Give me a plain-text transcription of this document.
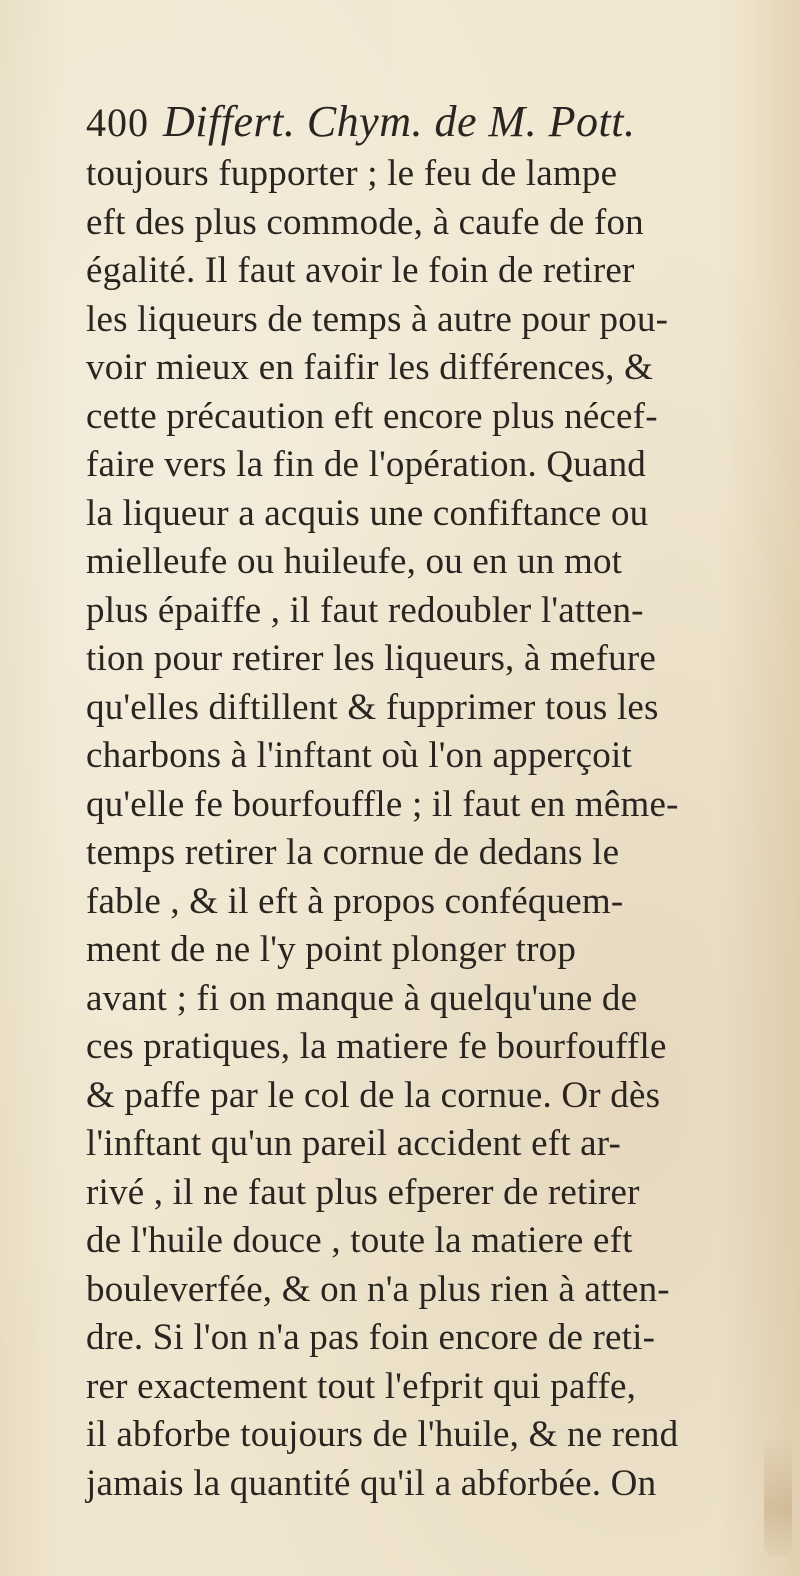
400 Differt. Chym. de M. Pott.
toujours fupporter ; le feu de lampe
eft des plus commode, à caufe de fon
égalité. Il faut avoir le foin de retirer
les liqueurs de temps à autre pour pou-
voir mieux en faifir les différences, &
cette précaution eft encore plus nécef-
faire vers la fin de l'opération. Quand
la liqueur a acquis une confiftance ou
mielleufe ou huileufe, ou en un mot
plus épaiffe , il faut redoubler l'atten-
tion pour retirer les liqueurs, à mefure
qu'elles diftillent & fupprimer tous les
charbons à l'inftant où l'on apperçoit
qu'elle fe bourfouffle ; il faut en même-
temps retirer la cornue de dedans le
fable , & il eft à propos conféquem-
ment de ne l'y point plonger trop
avant ; fi on manque à quelqu'une de
ces pratiques, la matiere fe bourfouffle
& paffe par le col de la cornue. Or dès
l'inftant qu'un pareil accident eft ar-
rivé , il ne faut plus efperer de retirer
de l'huile douce , toute la matiere eft
bouleverfée, & on n'a plus rien à atten-
dre. Si l'on n'a pas foin encore de reti-
rer exactement tout l'efprit qui paffe,
il abforbe toujours de l'huile, & ne rend
jamais la quantité qu'il a abforbée. On
